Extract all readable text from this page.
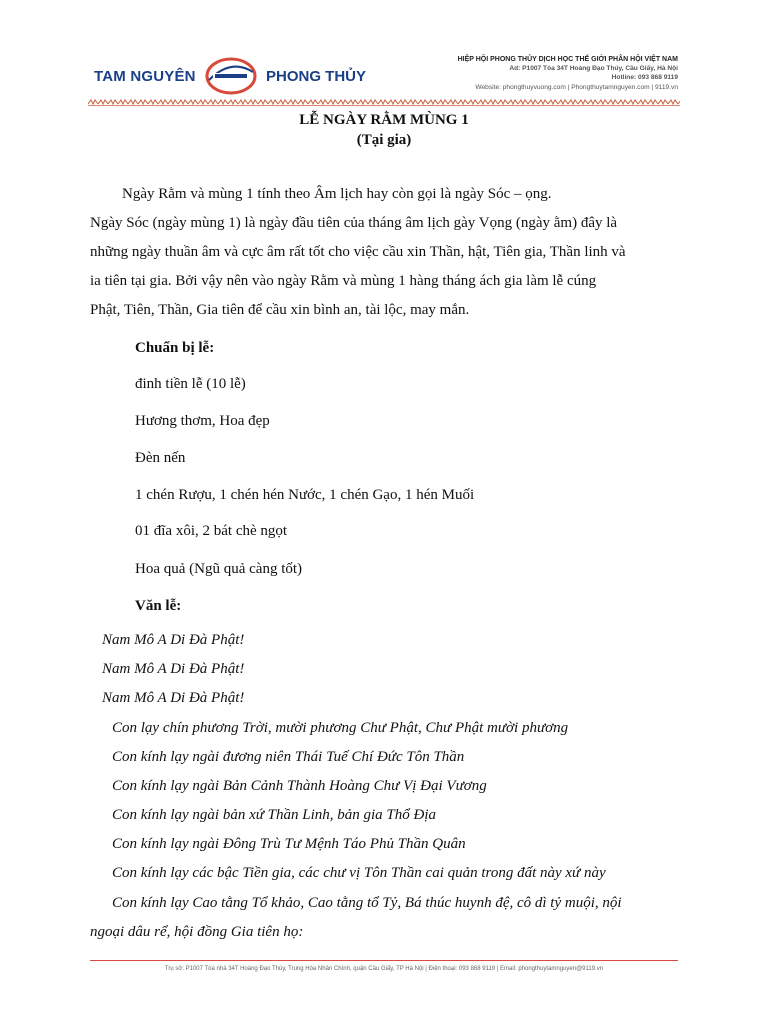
TAM NGUYÊN	PHONG THỦY
HIỆP HỘI PHONG THỦY DỊCH HỌC THẾ GIỚI PHÂN HỘI VIỆT NAM
Ad: P1007 Tòa 34T Hoàng Đạo Thúy, Cầu Giấy, Hà Nội
Hotline: 093 868 9119
Website: phongthuyvuong.com | Phongthuytamnguyen.com | 9119.vn
LỄ NGÀY RẰM MÙNG 1
(Tại gia)
Ngày Rằm và mùng 1 tính theo Âm lịch hay còn gọi là ngày Sóc – ọng.
Ngày Sóc (ngày mùng 1) là ngày đầu tiên của tháng âm lịch gày Vọng (ngày ằm) đây là
những ngày thuần âm và cực âm rất tốt cho việc cầu xin Thần, hật, Tiên gia, Thần linh và
ia tiên tại gia. Bởi vậy nên vào ngày Rằm và mùng 1 hàng tháng ách gia làm lễ cúng
Phật, Tiên, Thần, Gia tiên để cầu xin bình an, tài lộc, may mắn.
Chuẩn bị lễ:
đinh tiền lễ (10 lễ)
Hương thơm, Hoa đẹp
Đèn nến
1 chén Rượu, 1 chén hén Nước, 1 chén Gạo, 1 hén Muối
01 đĩa xôi, 2 bát chè ngọt
Hoa quả (Ngũ quả càng tốt)
Văn lễ:
Nam Mô A Di Đà Phật!
Nam Mô A Di Đà Phật!
Nam Mô A Di Đà Phật!
Con lạy chín phương Trời, mười phương Chư Phật, Chư Phật mười phương
Con kính lạy ngài đương niên Thái Tuế Chí Đức Tôn Thần
Con kính lạy ngài Bản Cảnh Thành Hoàng Chư Vị Đại Vương
Con kính lạy ngài bản xứ Thần Linh, bản gia Thổ Địa
Con kính lạy ngài Đông Trù Tư Mệnh Táo Phủ Thần Quân
Con kính lạy các bậc Tiền gia, các chư vị Tôn Thần cai quản trong đất này xứ này
Con kính lạy Cao tằng Tổ khảo, Cao tằng tổ Tỷ, Bá thúc huynh đệ, cô dì tỷ muội, nội
ngoại dâu rể, hội đồng Gia tiên họ:
Trụ sở: P1007 Tòa nhà 34T Hoàng Đạo Thúy, Trung Hòa Nhân Chính, quận Cầu Giấy, TP Hà Nội | Điện thoại: 093 868 9119 | Email: phongthuytamnguyen@9119.vn
